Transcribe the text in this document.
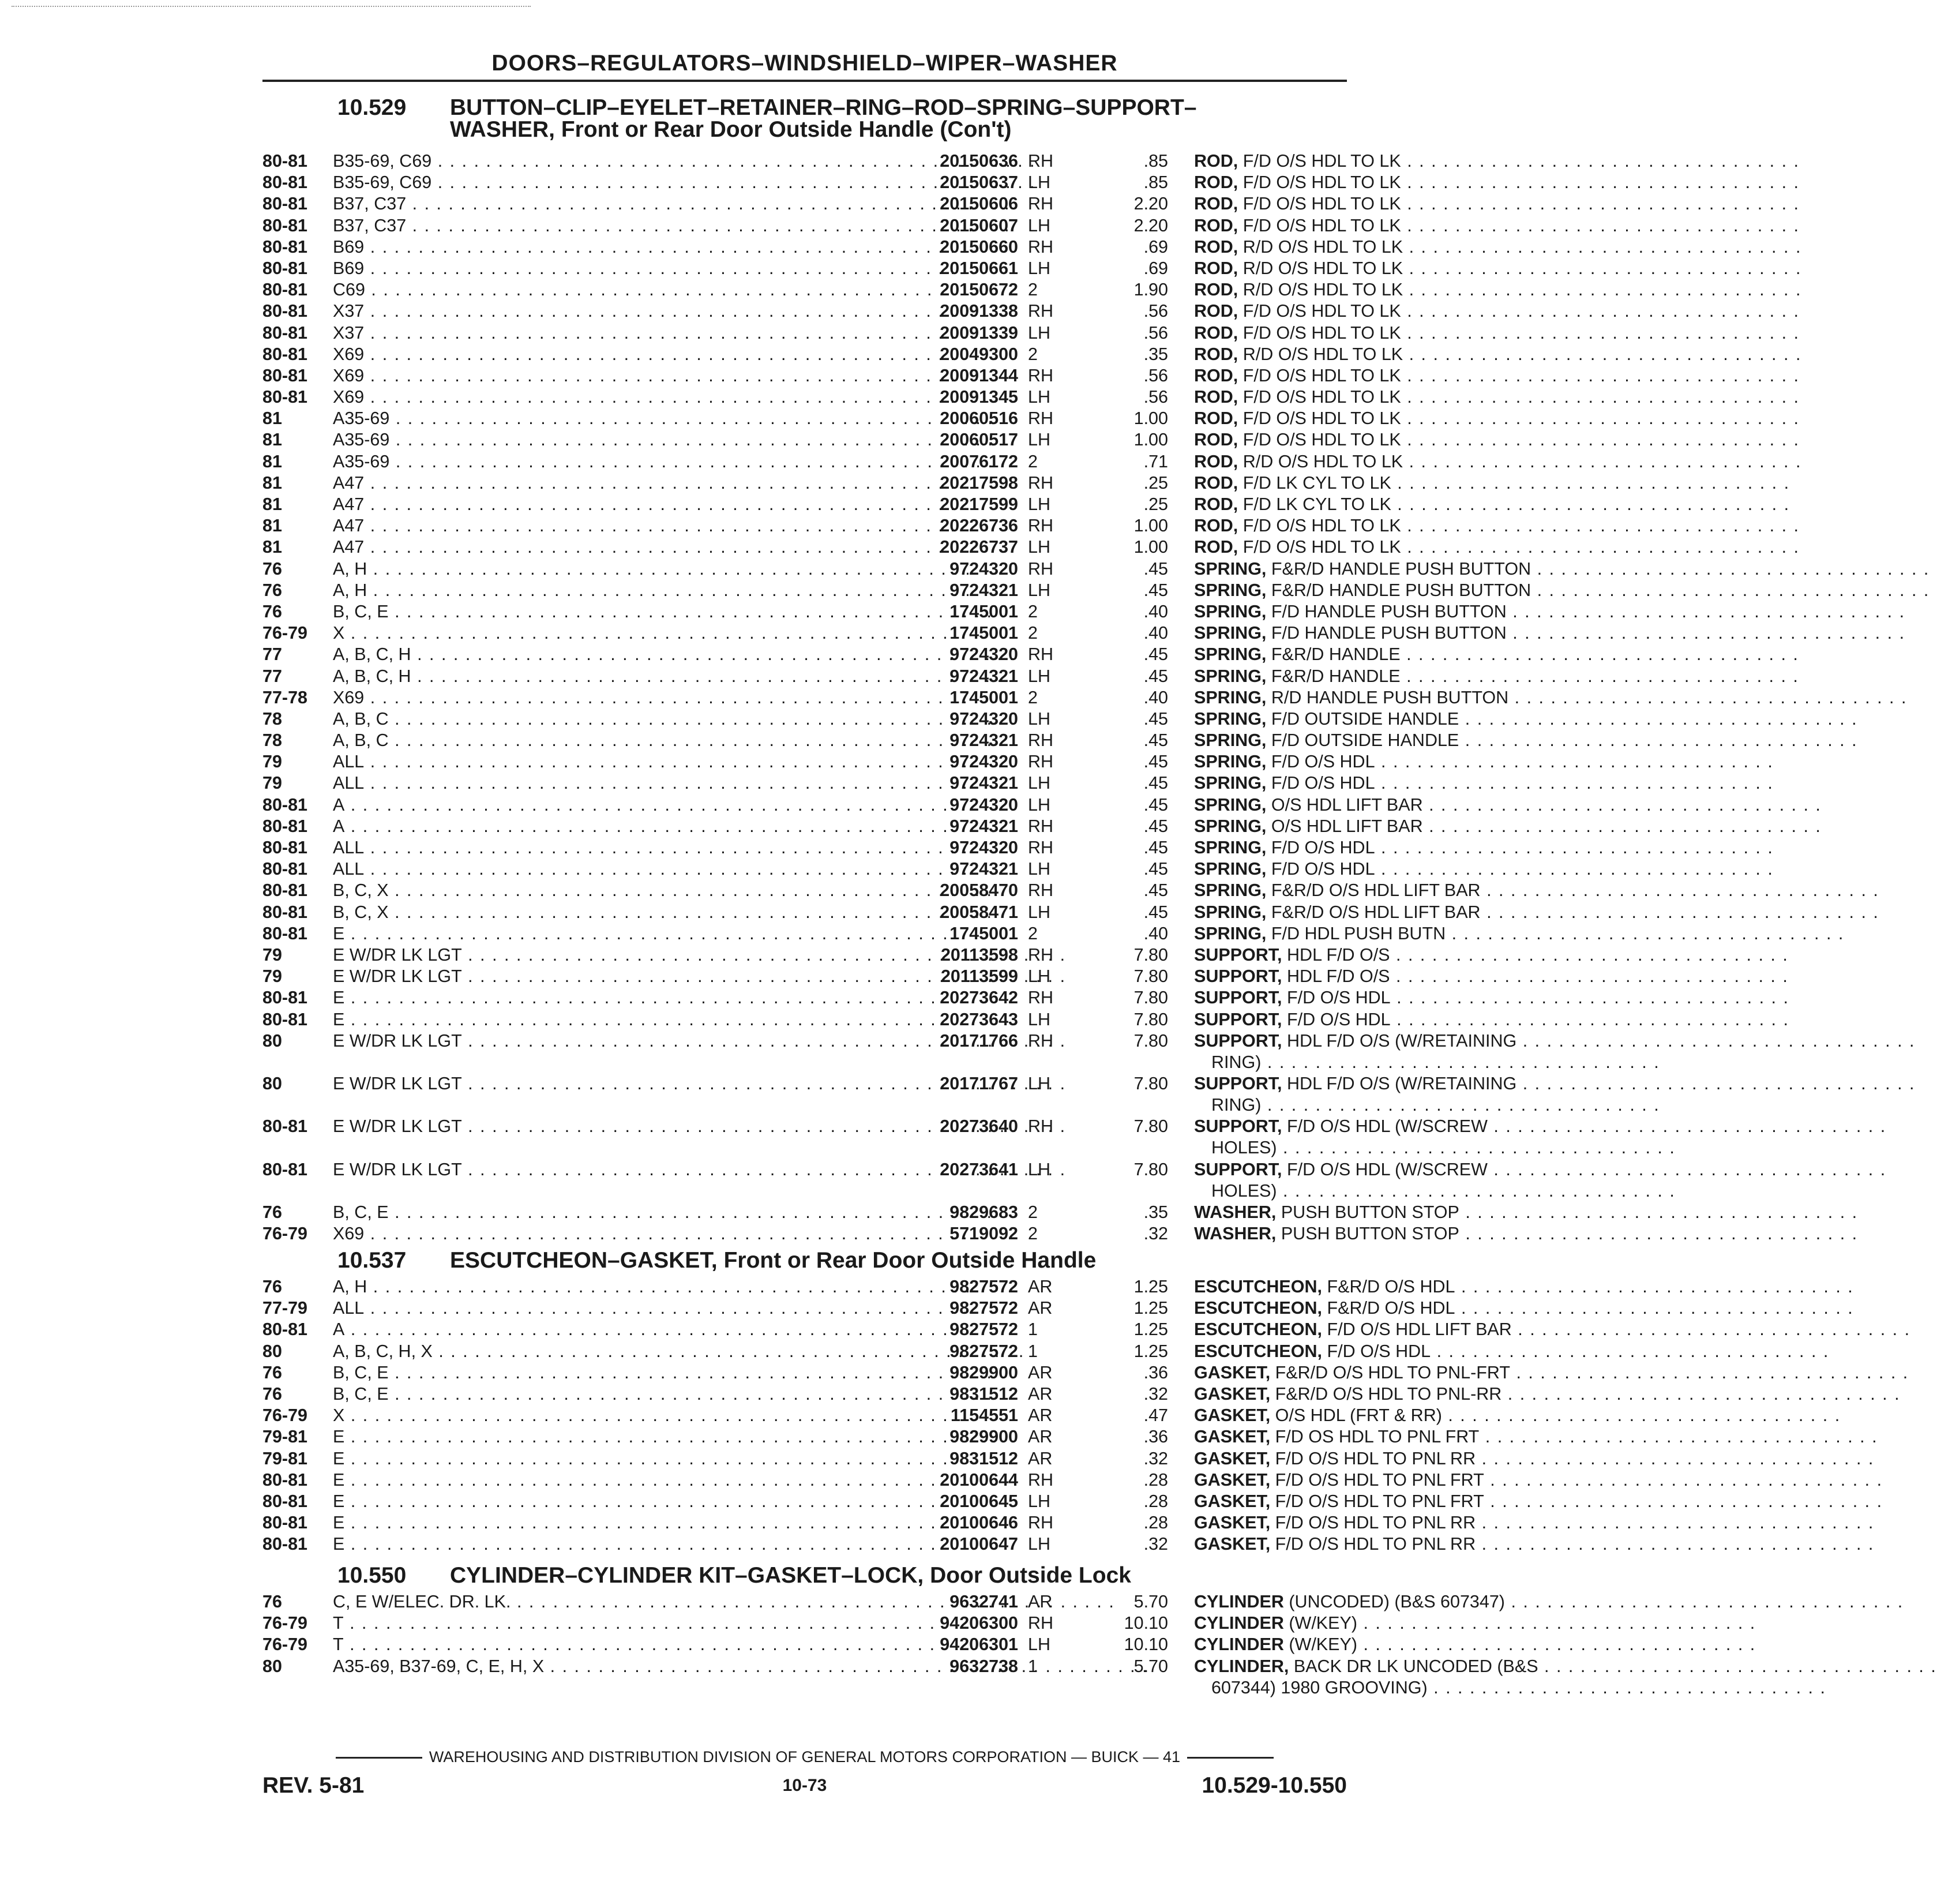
DOORS–REGULATORS–WINDSHIELD–WIPER–WASHER
10.529 BUTTON–CLIP–EYELET–RETAINER–RING–ROD–SPRING–SUPPORT–
WASHER, Front or Rear Door Outside Handle (Con't)
80-81	B35-69, C69 . . .	20150636 RH	.85 ROD, F/D O/S HDL TO LK . . .
80-81	B35-69, C69 . . .	20150637 LH	.85 ROD, F/D O/S HDL TO LK . . .
80-81	B37, C37 . . .	20150606 RH	2.20 ROD, F/D O/S HDL TO LK . . .
80-81	B37, C37 . . .	20150607 LH	2.20 ROD, F/D O/S HDL TO LK . . .
80-81	B69 . . .	20150660 RH	.69 ROD, R/D O/S HDL TO LK . . .
80-81	B69 . . .	20150661 LH	.69 ROD, R/D O/S HDL TO LK . . .
80-81	C69 . . .	20150672 2	1.90 ROD, R/D O/S HDL TO LK . . .
80-81	X37 . . .	20091338 RH	.56 ROD, F/D O/S HDL TO LK . . .
80-81	X37 . . .	20091339 LH	.56 ROD, F/D O/S HDL TO LK . . .
80-81	X69 . . .	20049300 2	.35 ROD, R/D O/S HDL TO LK . . .
80-81	X69 . . .	20091344 RH	.56 ROD, F/D O/S HDL TO LK . . .
80-81	X69 . . .	20091345 LH	.56 ROD, F/D O/S HDL TO LK . . .
81	A35-69 . . .	20060516 RH	1.00 ROD, F/D O/S HDL TO LK . . .
81	A35-69 . . .	20060517 LH	1.00 ROD, F/D O/S HDL TO LK . . .
81	A35-69 . . .	20076172 2	.71 ROD, R/D O/S HDL TO LK . . .
81	A47 . . .	20217598 RH	.25 ROD, F/D LK CYL TO LK . . .
81	A47 . . .	20217599 LH	.25 ROD, F/D LK CYL TO LK . . .
81	A47 . . .	20226736 RH	1.00 ROD, F/D O/S HDL TO LK . . .
81	A47 . . .	20226737 LH	1.00 ROD, F/D O/S HDL TO LK . . .
76	A, H . . .	9724320 RH	.45 SPRING, F&R/D HANDLE PUSH BUTTON . . .
76	A, H . . .	9724321 LH	.45 SPRING, F&R/D HANDLE PUSH BUTTON . . .
76	B, C, E . . .	1745001 2	.40 SPRING, F/D HANDLE PUSH BUTTON . . .
76-79	X . . .	1745001 2	.40 SPRING, F/D HANDLE PUSH BUTTON . . .
77	A, B, C, H . . .	9724320 RH	.45 SPRING, F&R/D HANDLE . . .
77	A, B, C, H . . .	9724321 LH	.45 SPRING, F&R/D HANDLE . . .
77-78	X69 . . .	1745001 2	.40 SPRING, R/D HANDLE PUSH BUTTON . . .
78	A, B, C . . .	9724320 LH	.45 SPRING, F/D OUTSIDE HANDLE . . .
78	A, B, C . . .	9724321 RH	.45 SPRING, F/D OUTSIDE HANDLE . . .
79	ALL . . .	9724320 RH	.45 SPRING, F/D O/S HDL . . .
79	ALL . . .	9724321 LH	.45 SPRING, F/D O/S HDL . . .
80-81	A . . .	9724320 LH	.45 SPRING, O/S HDL LIFT BAR . . .
80-81	A . . .	9724321 RH	.45 SPRING, O/S HDL LIFT BAR . . .
80-81	ALL . . .	9724320 RH	.45 SPRING, F/D O/S HDL . . .
80-81	ALL . . .	9724321 LH	.45 SPRING, F/D O/S HDL . . .
80-81	B, C, X . . .	20058470 RH	.45 SPRING, F&R/D O/S HDL LIFT BAR . . .
80-81	B, C, X . . .	20058471 LH	.45 SPRING, F&R/D O/S HDL LIFT BAR . . .
80-81	E . . .	1745001 2	.40 SPRING, F/D HDL PUSH BUTN . . .
79	E W/DR LK LGT . . .	20113598 RH	7.80 SUPPORT, HDL F/D O/S . . .
79	E W/DR LK LGT . . .	20113599 LH	7.80 SUPPORT, HDL F/D O/S . . .
80-81	E . . .	20273642 RH	7.80 SUPPORT, F/D O/S HDL . . .
80-81	E . . .	20273643 LH	7.80 SUPPORT, F/D O/S HDL . . .
80	E W/DR LK LGT . . .	20171766 RH	7.80 SUPPORT, HDL F/D O/S (W/RETAINING . . .
RING) . . .
80	E W/DR LK LGT . . .	20171767 LH	7.80 SUPPORT, HDL F/D O/S (W/RETAINING . . .
RING) . . .
80-81	E W/DR LK LGT . . .	20273640 RH	7.80 SUPPORT, F/D O/S HDL (W/SCREW . . .
HOLES) . . .
80-81	E W/DR LK LGT . . .	20273641 LH	7.80 SUPPORT, F/D O/S HDL (W/SCREW . . .
HOLES) . . .
76	B, C, E . . .	9829683 2	.35 WASHER, PUSH BUTTON STOP . . .
76-79	X69 . . .	5719092 2	.32 WASHER, PUSH BUTTON STOP . . .
10.537 ESCUTCHEON–GASKET, Front or Rear Door Outside Handle
76	A, H . . .	9827572 AR	1.25 ESCUTCHEON, F&R/D O/S HDL . . .
77-79	ALL . . .	9827572 AR	1.25 ESCUTCHEON, F&R/D O/S HDL . . .
80-81	A . . .	9827572 1	1.25 ESCUTCHEON, F/D O/S HDL LIFT BAR . . .
80	A, B, C, H, X . . .	9827572 1	1.25 ESCUTCHEON, F/D O/S HDL . . .
76	B, C, E . . .	9829900 AR	.36 GASKET, F&R/D O/S HDL TO PNL-FRT . . .
76	B, C, E . . .	9831512 AR	.32 GASKET, F&R/D O/S HDL TO PNL-RR . . .
76-79	X . . .	1154551 AR	.47 GASKET, O/S HDL (FRT & RR) . . .
79-81	E . . .	9829900 AR	.36 GASKET, F/D OS HDL TO PNL FRT . . .
79-81	E . . .	9831512 AR	.32 GASKET, F/D O/S HDL TO PNL RR . . .
80-81	E . . .	20100644 RH	.28 GASKET, F/D O/S HDL TO PNL FRT . . .
80-81	E . . .	20100645 LH	.28 GASKET, F/D O/S HDL TO PNL FRT . . .
80-81	E . . .	20100646 RH	.28 GASKET, F/D O/S HDL TO PNL RR . . .
80-81	E . . .	20100647 LH	.32 GASKET, F/D O/S HDL TO PNL RR . . .
10.550 CYLINDER–CYLINDER KIT–GASKET–LOCK, Door Outside Lock
76	C, E W/ELEC. DR. LK. . . .	9632741 AR	5.70 CYLINDER (UNCODED) (B&S 607347) . . .
76-79	T . . .	94206300 RH	10.10 CYLINDER (W/KEY) . . .
76-79	T . . .	94206301 LH	10.10 CYLINDER (W/KEY) . . .
80	A35-69, B37-69, C, E, H, X . . .	9632738 1	5.70 CYLINDER, BACK DR LK UNCODED (B&S . . .
607344) 1980 GROOVING) . . .
WAREHOUSING AND DISTRIBUTION DIVISION OF GENERAL MOTORS CORPORATION — BUICK — 41
REV. 5-81	10-73	10.529-10.550
